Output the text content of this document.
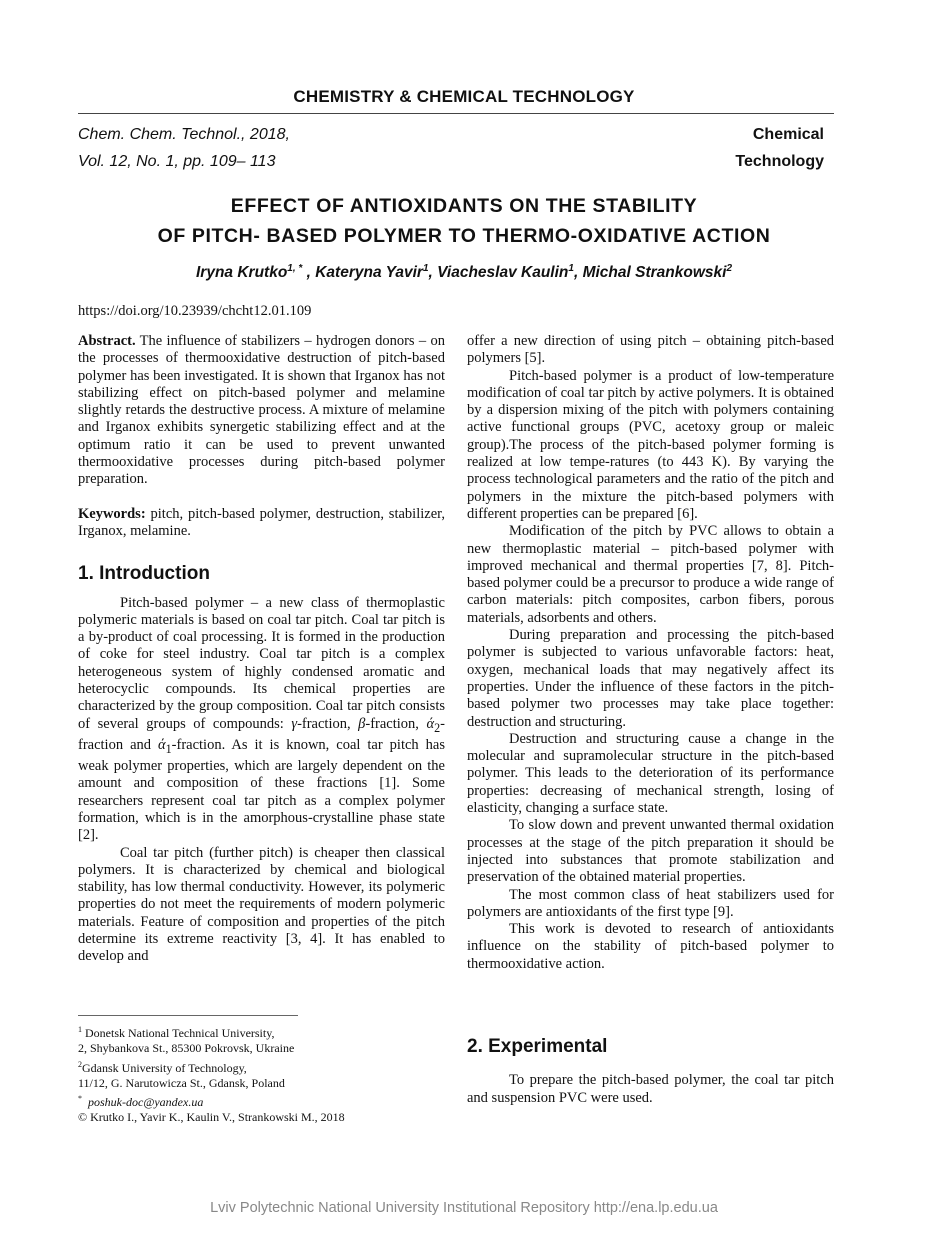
CHEMISTRY & CHEMICAL TECHNOLOGY
Chem. Chem. Technol., 2018,
Vol. 12, No. 1, pp. 109– 113
Chemical
Technology
EFFECT OF ANTIOXIDANTS ON THE STABILITY
OF PITCH- BASED POLYMER TO THERMO-OXIDATIVE ACTION
Iryna Krutko$^{1, *}$ , Kateryna Yavir$^1$, Viacheslav Kaulin$^1$, Michal Strankowski$^2$
https://doi.org/10.23939/chcht12.01.109

Abstract. The influence of stabilizers – hydrogen donors – on the processes of thermooxidative destruction of pitch-based polymer has been investigated. It is shown that Irganox has not stabilizing effect on pitch-based polymer and melamine slightly retards the destructive process. A mixture of melamine and Irganox exhibits synergetic stabilizing effect and at the optimum ratio it can be used to prevent unwanted thermooxidative processes during pitch-based polymer preparation.

Keywords: pitch, pitch-based polymer, destruction, stabilizer, Irganox, melamine.

1. Introduction

Pitch-based polymer – a new class of thermoplastic polymeric materials is based on coal tar pitch. Coal tar pitch is a by-product of coal processing. It is formed in the production of coke for steel industry. Coal tar pitch is a complex heterogeneous system of highly condensed aromatic and heterocyclic compounds. Its chemical properties are characterized by the group composition. Coal tar pitch consists of several groups of compounds: γ-fraction, β-fraction, $ά_2$-fraction and $ά_1$-fraction. As it is known, coal tar pitch has weak polymer properties, which are largely dependent on the amount and composition of these fractions [1]. Some researchers represent coal tar pitch as a complex polymer formation, which is in the amorphous-crystalline phase state [2].

Coal tar pitch (further pitch) is cheaper then classical polymers. It is characterized by chemical and biological stability, has low thermal conductivity. However, its polymeric properties do not meet the requirements of modern polymeric materials. Feature of composition and properties of the pitch determine its extreme reactivity [3, 4]. It has enabled to develop and

$^1$ Donetsk National Technical University,
2, Shybankova St., 85300 Pokrovsk, Ukraine
$^2$Gdansk University of Technology,
11/12, G. Narutowicza St., Gdansk, Poland
* poshuk-doc@yandex.ua
© Krutko I., Yavir K., Kaulin V., Strankowski M., 2018

offer a new direction of using pitch – obtaining pitch-based polymers [5].

Pitch-based polymer is a product of low-temperature modification of coal tar pitch by active polymers. It is obtained by a dispersion mixing of the pitch with polymers containing active functional groups (PVC, acetoxy group or maleic group).The process of the pitch-based polymer forming is realized at low tempe-ratures (to 443 K). By varying the process technological parameters and the ratio of the pitch and polymers in the mixture the pitch-based polymers with different properties can be prepared [6].

Modification of the pitch by PVC allows to obtain a new thermoplastic material – pitch-based polymer with improved mechanical and thermal properties [7, 8]. Pitch-based polymer could be a precursor to produce a wide range of carbon materials: pitch composites, carbon fibers, porous materials, adsorbents and others.

During preparation and processing the pitch-based polymer is subjected to various unfavorable factors: heat, oxygen, mechanical loads that may negatively affect its properties. Under the influence of these factors in the pitch-based polymer two processes may take place together: destruction and structuring.

Destruction and structuring cause a change in the molecular and supramolecular structure in the pitch-based polymer. This leads to the deterioration of its performance properties: decreasing of mechanical strength, losing of elasticity, changing a surface state.

To slow down and prevent unwanted thermal oxidation processes at the stage of the pitch preparation it should be injected into substances that promote stabilization and preservation of the obtained material properties.

The most common class of heat stabilizers used for polymers are antioxidants of the first type [9].

This work is devoted to research of antioxidants influence on the stability of pitch-based polymer to thermooxidative action.

2. Experimental

To prepare the pitch-based polymer, the coal tar pitch and suspension PVC were used.

Lviv Polytechnic National University Institutional Repository http://ena.lp.edu.ua
